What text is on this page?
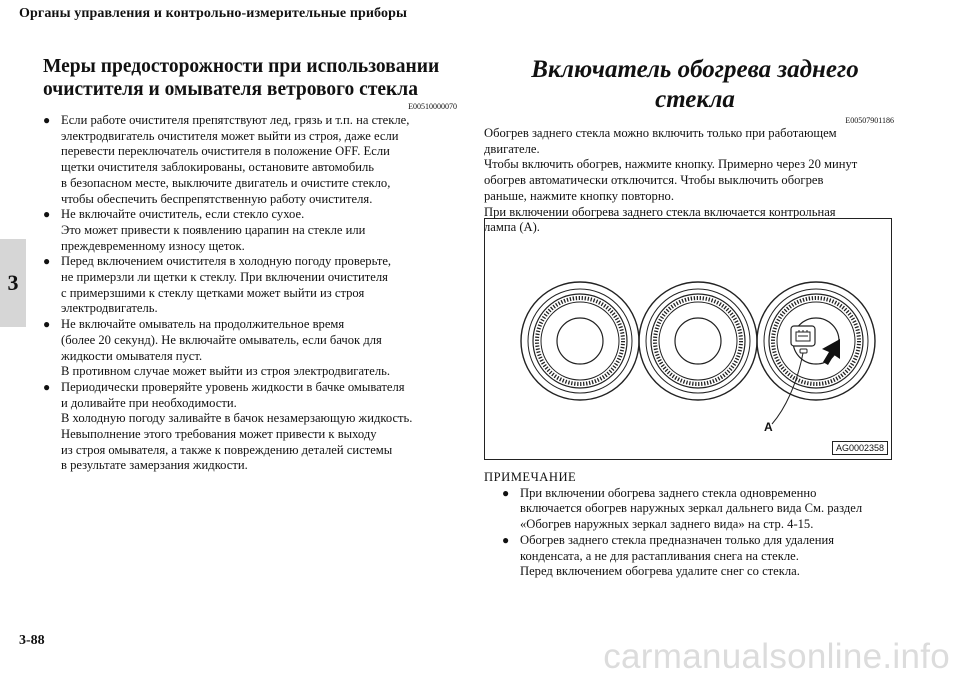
Органы управления и контрольно-измерительные приборы
3
Меры предосторожности при использовании
очистителя и омывателя ветрового стекла
E00510000070
● Если работе очистителя препятствуют лед, грязь и т.п. на стекле,
электродвигатель очистителя может выйти из строя, даже если
перевести переключатель очистителя в положение OFF. Если
щетки очистителя заблокированы, остановите автомобиль
в безопасном месте, выключите двигатель и очистите стекло,
чтобы обеспечить беспрепятственную работу очистителя.
● Не включайте очиститель, если стекло сухое.
Это может привести к появлению царапин на стекле или
преждевременному износу щеток.
● Перед включением очистителя в холодную погоду проверьте,
не примерзли ли щетки к стеклу. При включении очистителя
с примерзшими к стеклу щетками может выйти из строя
электродвигатель.
● Не включайте омыватель на продолжительное время
(более 20 секунд). Не включайте омыватель, если бачок для
жидкости омывателя пуст.
В противном случае может выйти из строя электродвигатель.
● Периодически проверяйте уровень жидкости в бачке омывателя
и доливайте при необходимости.
В холодную погоду заливайте в бачок незамерзающую жидкость.
Невыполнение этого требования может привести к выходу
из строя омывателя, а также к повреждению деталей системы
в результате замерзания жидкости.
Включатель обогрева заднего стекла
E00507901186
Обогрев заднего стекла можно включить только при работающем
двигателе.
Чтобы включить обогрев, нажмите кнопку. Примерно через 20 минут
обогрев автоматически отключится. Чтобы выключить обогрев
раньше, нажмите кнопку повторно.
При включении обогрева заднего стекла включается контрольная
лампа (A).
A
AG0002358
ПРИМЕЧАНИЕ
● При включении обогрева заднего стекла одновременно
включается обогрев наружных зеркал дальнего вида См. раздел
«Обогрев наружных зеркал заднего вида» на стр. 4-15.
● Обогрев заднего стекла предназначен только для удаления
конденсата, а не для растапливания снега на стекле.
Перед включением обогрева удалите снег со стекла.
3-88	carmanualsonline.info
